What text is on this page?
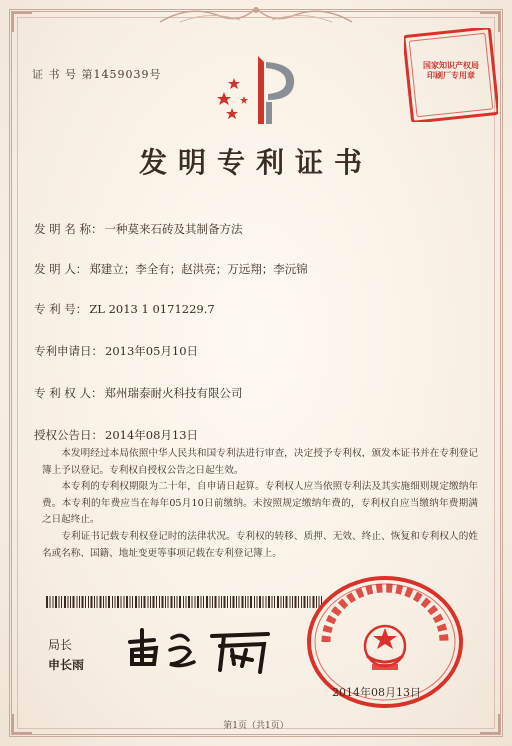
证 书 号 第1459039号
国家知识产权局 印刷厂专用章
发明专利证书
发 明 名 称： 一种莫来石砖及其制备方法
发 明 人： 郑建立；李全有；赵洪亮；万远翔；李沅锦
专 利 号： ZL 2013 1 0171229.7
专利申请日： 2013年05月10日
专 利 权 人： 郑州瑞泰耐火科技有限公司
授权公告日： 2014年08月13日

本发明经过本局依照中华人民共和国专利法进行审查，决定授予专利权，颁发本证书并在专利登记簿上予以登记。专利权自授权公告之日起生效。

本专利的专利权期限为二十年，自申请日起算。专利权人应当依照专利法及其实施细则规定缴纳年费。本专利的年费应当在每年05月10日前缴纳。未按照规定缴纳年费的，专利权自应当缴纳年费期满之日起终止。

专利证书记载专利权登记时的法律状况。专利权的转移、质押、无效、终止、恢复和专利权人的姓名或名称、国籍、地址变更等事项记载在专利登记簿上。

局长
申长雨
2014年08月13日
第1页（共1页）
